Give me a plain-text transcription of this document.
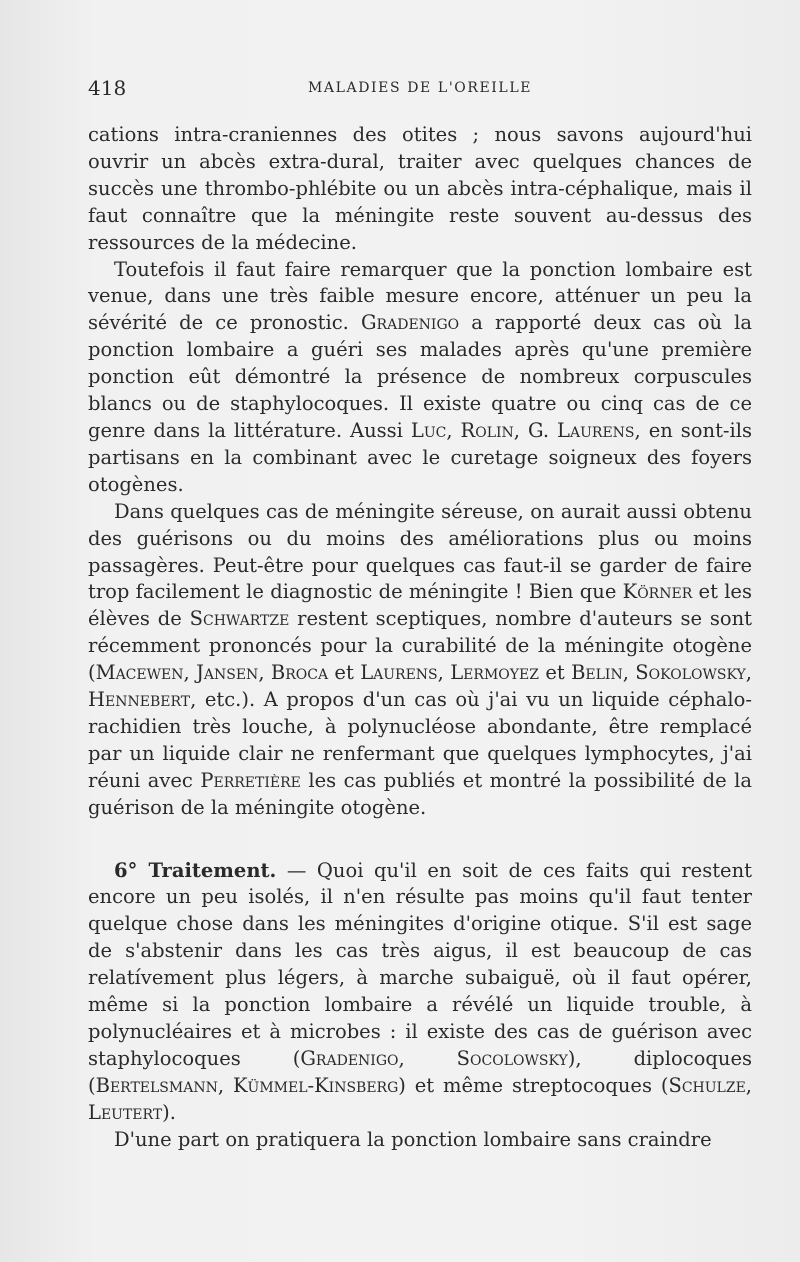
418	MALADIES DE L'OREILLE

cations intra-craniennes des otites ; nous savons aujourd'hui ouvrir un abcès extra-dural, traiter avec quelques chances de succès une thrombo-phlébite ou un abcès intra-céphalique, mais il faut connaître que la méningite reste souvent au-dessus des ressources de la médecine.

Toutefois il faut faire remarquer que la ponction lombaire est venue, dans une très faible mesure encore, atténuer un peu la sévérité de ce pronostic. Gradenigo a rapporté deux cas où la ponction lombaire a guéri ses malades après qu'une première ponction eût démontré la présence de nombreux corpuscules blancs ou de staphylocoques. Il existe quatre ou cinq cas de ce genre dans la littérature. Aussi Luc, Rolin, G. Laurens, en sont-ils partisans en la combinant avec le curetage soigneux des foyers otogènes.

Dans quelques cas de méningite séreuse, on aurait aussi obtenu des guérisons ou du moins des améliorations plus ou moins passagères. Peut-être pour quelques cas faut-il se garder de faire trop facilement le diagnostic de méningite ! Bien que Körner et les élèves de Schwartze restent sceptiques, nombre d'auteurs se sont récemment prononcés pour la curabilité de la méningite otogène (Macewen, Jansen, Broca et Laurens, Lermoyez et Belin, Sokolowsky, Hennebert, etc.). A propos d'un cas où j'ai vu un liquide céphalo-rachidien très louche, à polynucléose abondante, être remplacé par un liquide clair ne renfermant que quelques lymphocytes, j'ai réuni avec Perretière les cas publiés et montré la possibilité de la guérison de la méningite otogène.

6° Traitement. — Quoi qu'il en soit de ces faits qui restent encore un peu isolés, il n'en résulte pas moins qu'il faut tenter quelque chose dans les méningites d'origine otique. S'il est sage de s'abstenir dans les cas très aigus, il est beaucoup de cas relatívement plus légers, à marche subaiguë, où il faut opérer, même si la ponction lombaire a révélé un liquide trouble, à polynucléaires et à microbes : il existe des cas de guérison avec staphylocoques (Gradenigo, Socolowsky), diplocoques (Bertelsmann, Kümmel-Kinsberg) et même streptocoques (Schulze, Leutert).

D'une part on pratiquera la ponction lombaire sans craindre
